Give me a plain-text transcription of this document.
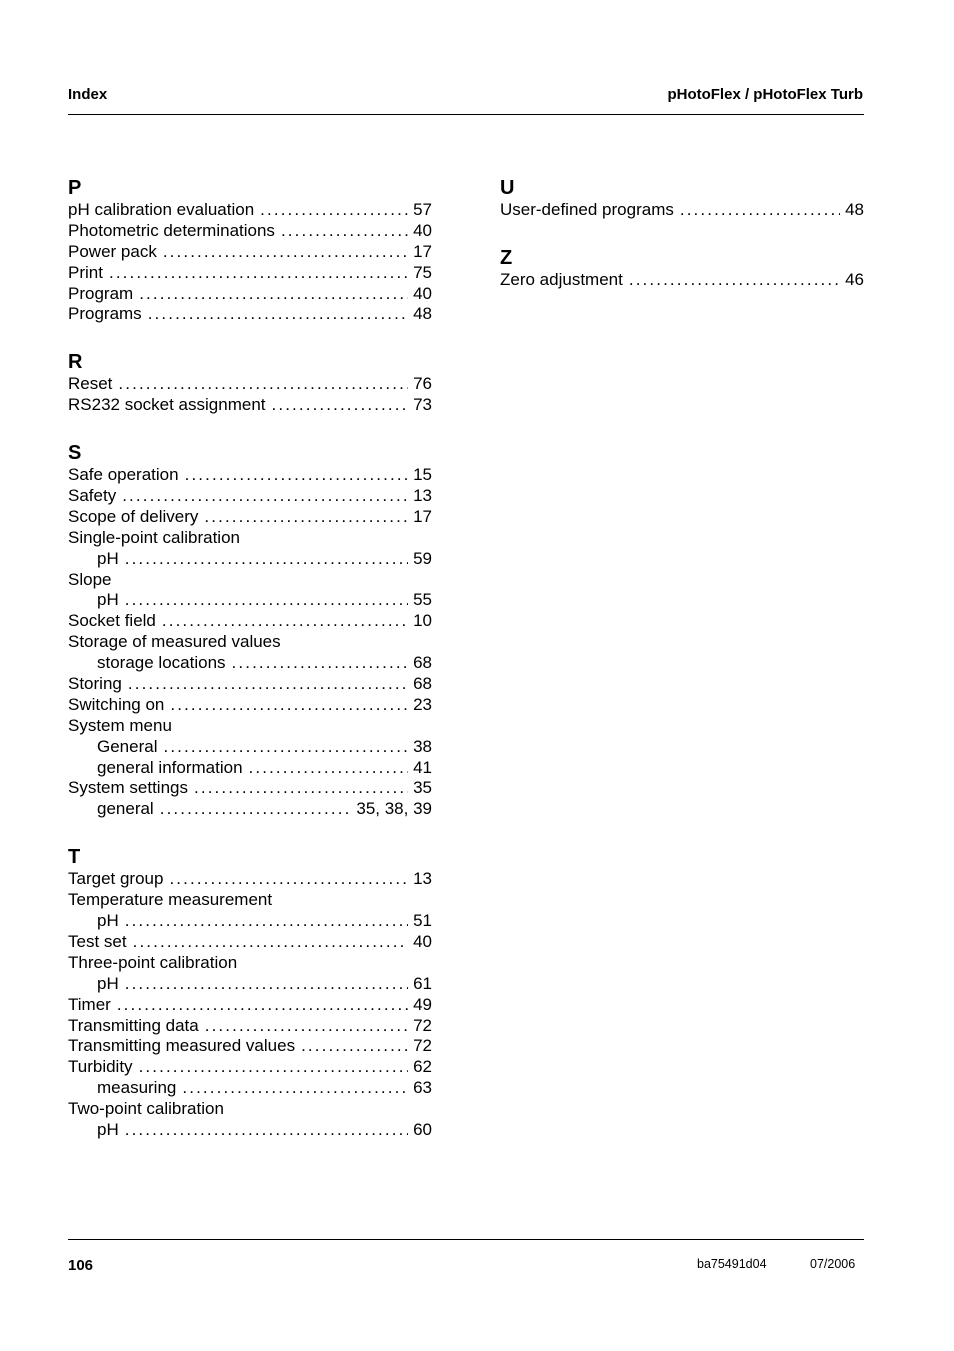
Index	pHotoFlex / pHotoFlex Turb
P
pH calibration evaluation . . .	57
Photometric determinations . . .	40
Power pack . . .	17
Print . . .	75
Program . . .	40
Programs . . .	48
R
Reset . . .	76
RS232 socket assignment . . .	73
S
Safe operation . . .	15
Safety . . .	13
Scope of delivery . . .	17
Single-point calibration
pH . . .	59
Slope
pH . . .	55
Socket field . . .	10
Storage of measured values
storage locations . . .	68
Storing . . .	68
Switching on . . .	23
System menu
General . . .	38
general information . . .	41
System settings . . .	35
general . . .	35, 38, 39
T
Target group . . .	13
Temperature measurement
pH . . .	51
Test set . . .	40
Three-point calibration
pH . . .	61
Timer . . .	49
Transmitting data . . .	72
Transmitting measured values . . .	72
Turbidity . . .	62
measuring . . .	63
Two-point calibration
pH . . .	60
U
User-defined programs . . .	48
Z
Zero adjustment . . .	46
106	ba75491d04	07/2006
